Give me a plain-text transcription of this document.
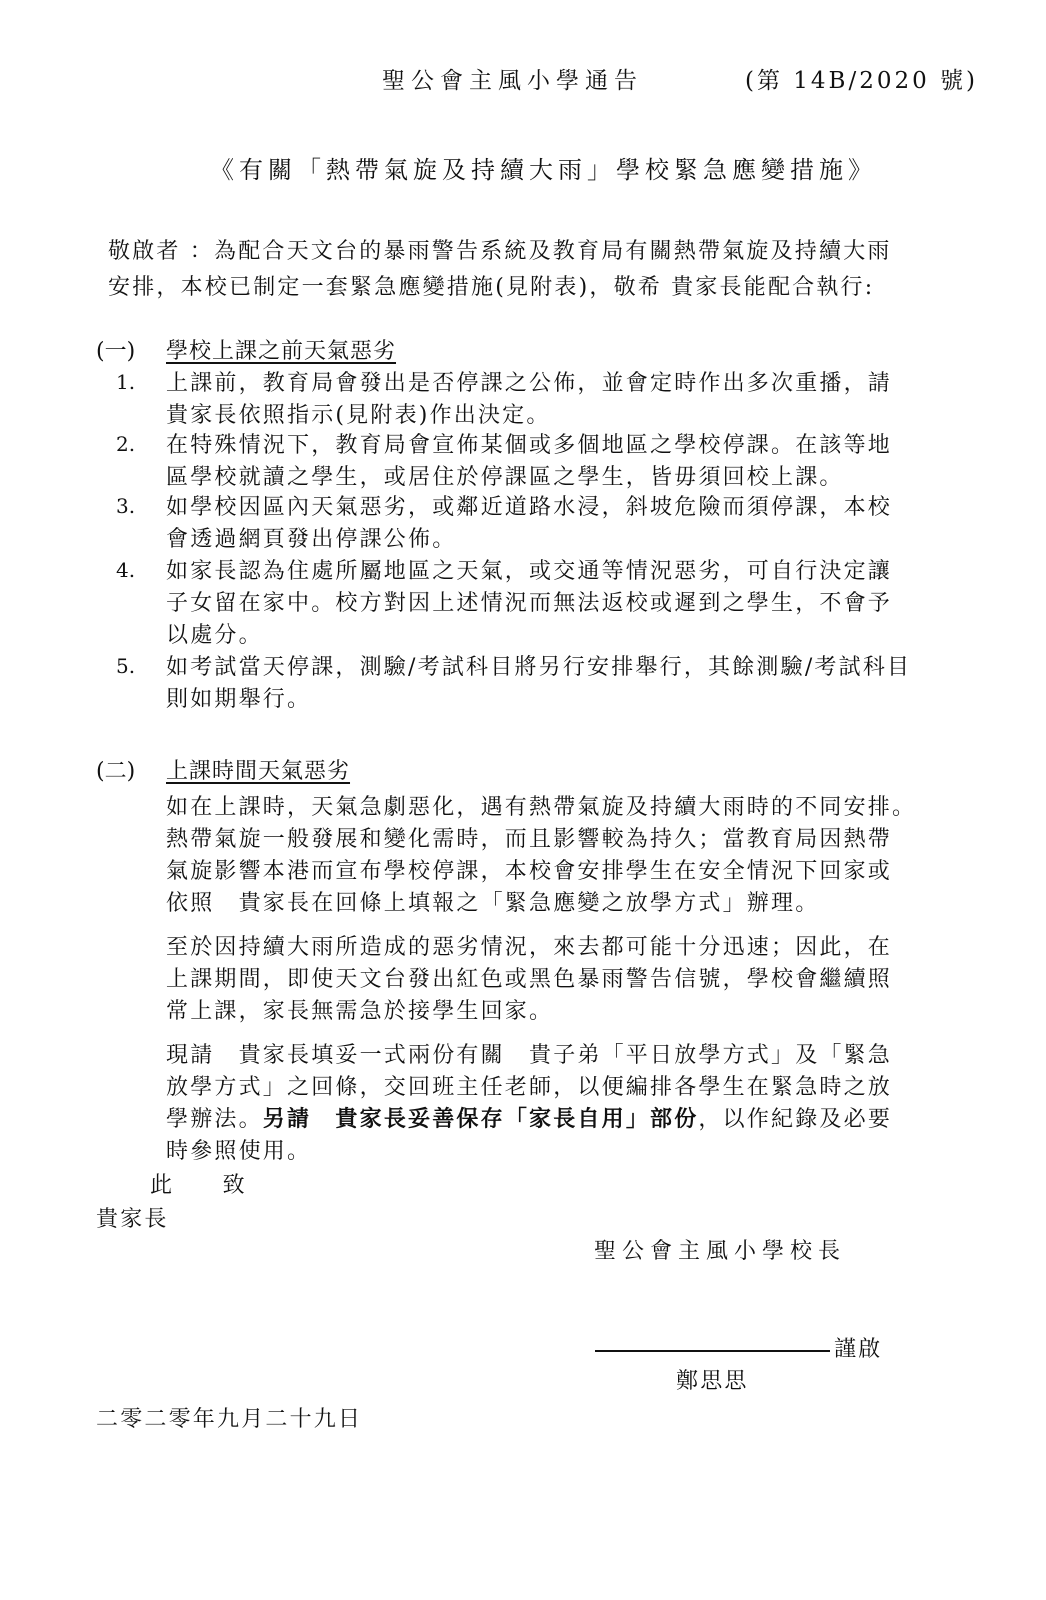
聖公會主風小學通告	(第 14B/2020 號)
《有關「熱帶氣旋及持續大雨」學校緊急應變措施》
敬啟者 ：為配合天文台的暴雨警告系統及教育局有關熱帶氣旋及持續大雨
安排，本校已制定一套緊急應變措施(見附表)，敬希 貴家長能配合執行:
(一) 學校上課之前天氣惡劣
1. 上課前，教育局會發出是否停課之公佈，並會定時作出多次重播，請
貴家長依照指示(見附表)作出決定。
2. 在特殊情況下，教育局會宣佈某個或多個地區之學校停課。在該等地
區學校就讀之學生，或居住於停課區之學生，皆毋須回校上課。
3. 如學校因區內天氣惡劣，或鄰近道路水浸，斜坡危險而須停課，本校
會透過網頁發出停課公佈。
4. 如家長認為住處所屬地區之天氣，或交通等情況惡劣，可自行決定讓
子女留在家中。校方對因上述情況而無法返校或遲到之學生，不會予
以處分。
5. 如考試當天停課，測驗/考試科目將另行安排舉行，其餘測驗/考試科目
則如期舉行。
(二) 上課時間天氣惡劣
如在上課時，天氣急劇惡化，遇有熱帶氣旋及持續大雨時的不同安排。
熱帶氣旋一般發展和變化需時，而且影響較為持久；當教育局因熱帶
氣旋影響本港而宣布學校停課，本校會安排學生在安全情況下回家或
依照　貴家長在回條上填報之「緊急應變之放學方式」辦理。
至於因持續大雨所造成的惡劣情況，來去都可能十分迅速；因此，在
上課期間，即使天文台發出紅色或黑色暴雨警告信號，學校會繼續照
常上課，家長無需急於接學生回家。
現請　貴家長填妥一式兩份有關　貴子弟「平日放學方式」及「緊急
放學方式」之回條，交回班主任老師，以便編排各學生在緊急時之放
學辦法。另請　貴家長妥善保存「家長自用」部份，以作紀錄及必要
時參照使用。
此　　致
貴家長
聖公會主風小學校長
謹啟
鄭思思
二零二零年九月二十九日
